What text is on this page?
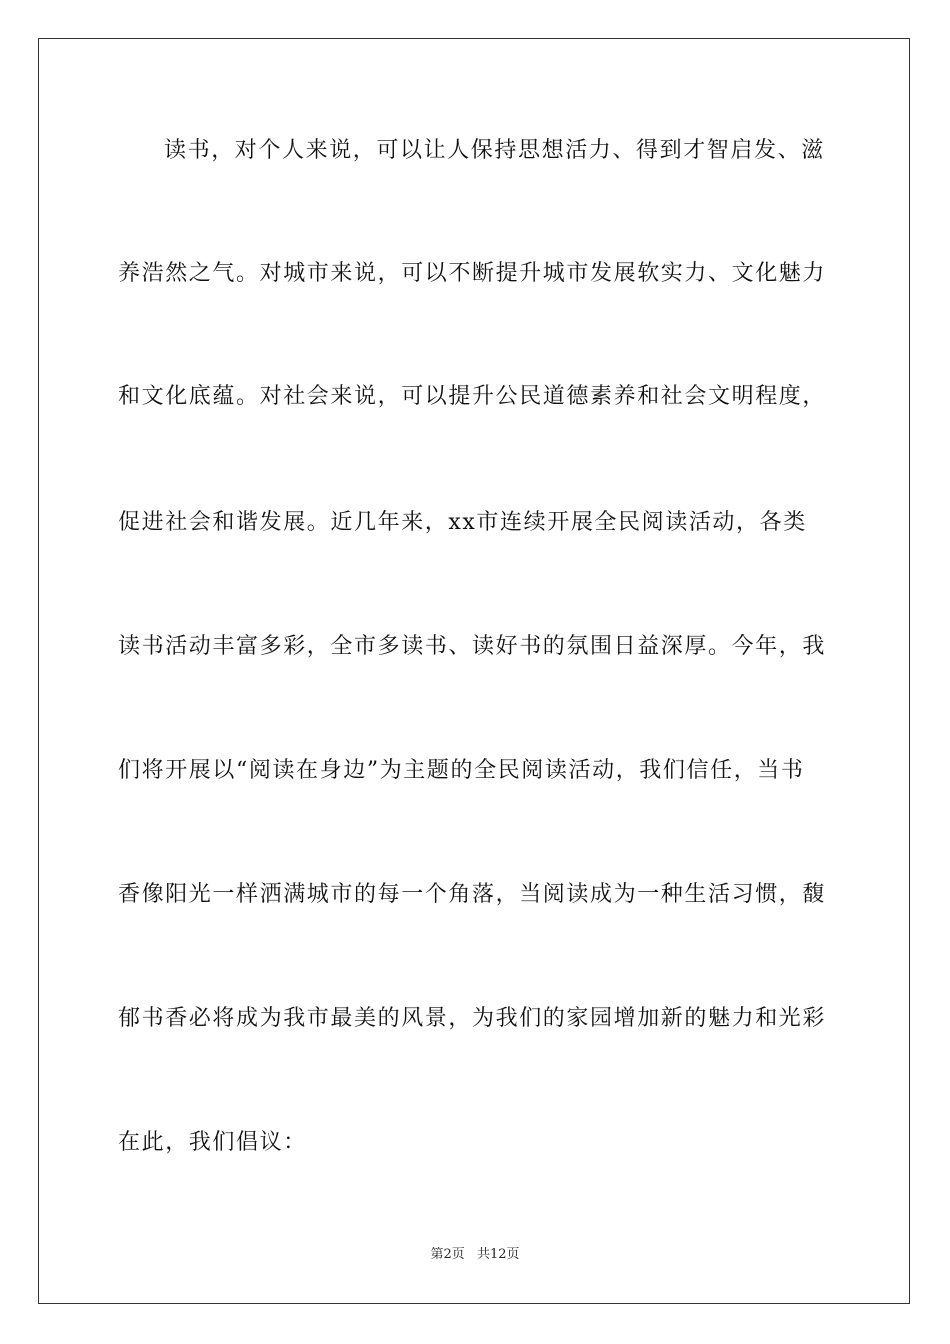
读书，对个人来说，可以让人保持思想活力、得到才智启发、滋
养浩然之气。对城市来说，可以不断提升城市发展软实力、文化魅力
和文化底蕴。对社会来说，可以提升公民道德素养和社会文明程度，
促进社会和谐发展。近几年来，xx市连续开展全民阅读活动，各类
读书活动丰富多彩，全市多读书、读好书的氛围日益深厚。今年，我
们将开展以“阅读在身边”为主题的全民阅读活动，我们信任，当书
香像阳光一样洒满城市的每一个角落，当阅读成为一种生活习惯，馥
郁书香必将成为我市最美的风景，为我们的家园增加新的魅力和光彩
在此，我们倡议：
第2页 共12页
